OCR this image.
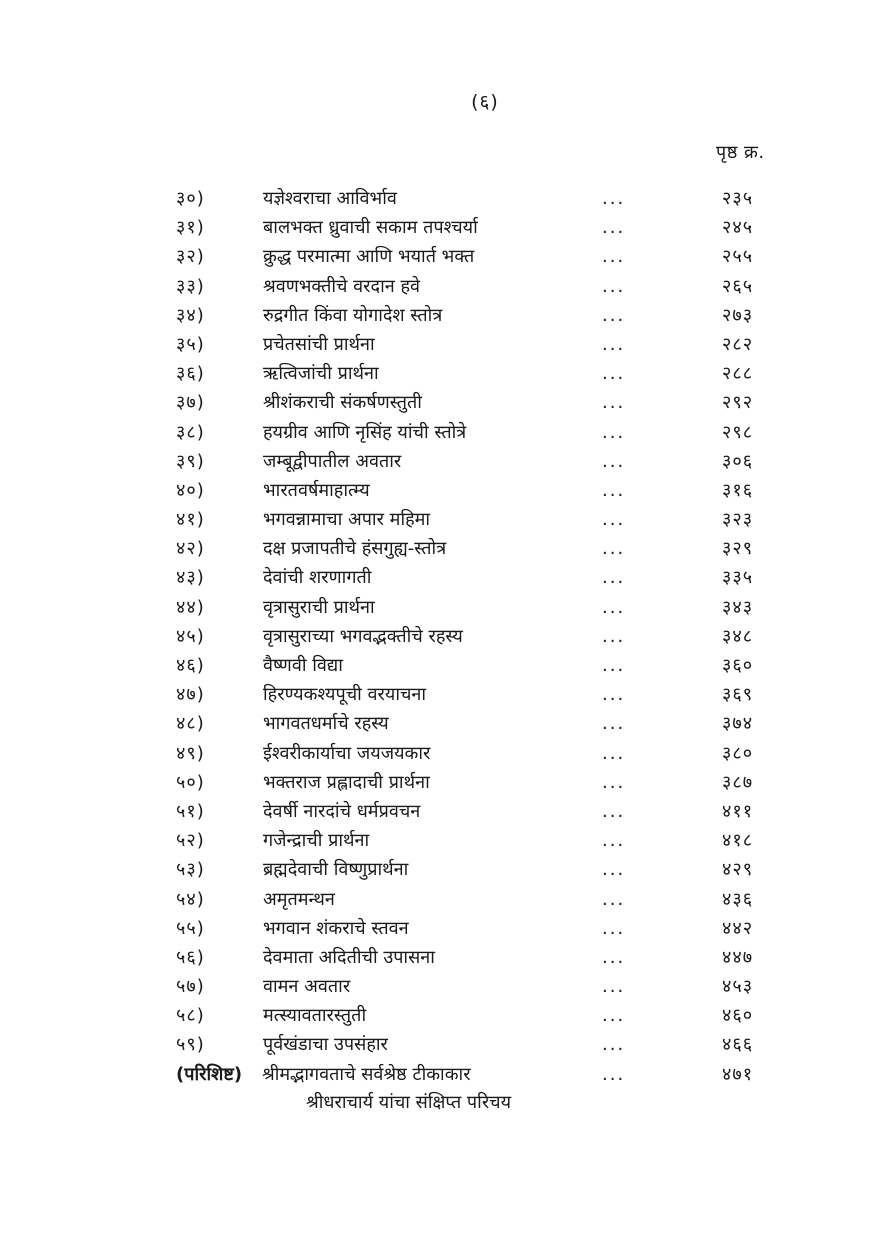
(६)
पृष्ठ क्र.
३०)	यज्ञेश्वराचा आविर्भाव	...	२३५
३१)	बालभक्त ध्रुवाची सकाम तपश्चर्या	...	२४५
३२)	क्रुद्ध परमात्मा आणि भयार्त भक्त	...	२५५
३३)	श्रवणभक्तीचे वरदान हवे	...	२६५
३४)	रुद्रगीत किंवा योगादेश स्तोत्र	...	२७३
३५)	प्रचेतसांची प्रार्थना	...	२८२
३६)	ऋत्विजांची प्रार्थना	...	२८८
३७)	श्रीशंकराची संकर्षणस्तुती	...	२९२
३८)	हयग्रीव आणि नृसिंह यांची स्तोत्रे	...	२९८
३९)	जम्बूद्वीपातील अवतार	...	३०६
४०)	भारतवर्षमाहात्म्य	...	३१६
४१)	भगवन्नामाचा अपार महिमा	...	३२३
४२)	दक्ष प्रजापतीचे हंसगुह्य-स्तोत्र	...	३२९
४३)	देवांची शरणागती	...	३३५
४४)	वृत्रासुराची प्रार्थना	...	३४३
४५)	वृत्रासुराच्या भगवद्भक्तीचे रहस्य	...	३४८
४६)	वैष्णवी विद्या	...	३६०
४७)	हिरण्यकश्यपूची वरयाचना	...	३६९
४८)	भागवतधर्माचे रहस्य	...	३७४
४९)	ईश्वरीकार्याचा जयजयकार	...	३८०
५०)	भक्तराज प्रह्लादाची प्रार्थना	...	३८७
५१)	देवर्षी नारदांचे धर्मप्रवचन	...	४११
५२)	गजेन्द्राची प्रार्थना	...	४१८
५३)	ब्रह्मदेवाची विष्णुप्रार्थना	...	४२९
५४)	अमृतमन्थन	...	४३६
५५)	भगवान शंकराचे स्तवन	...	४४२
५६)	देवमाता अदितीची उपासना	...	४४७
५७)	वामन अवतार	...	४५३
५८)	मत्स्यावतारस्तुती	...	४६०
५९)	पूर्वखंडाचा उपसंहार	...	४६६
(परिशिष्ट) श्रीमद्भागवताचे सर्वश्रेष्ठ टीकाकार	...	४७१
श्रीधराचार्य यांचा संक्षिप्त परिचय
